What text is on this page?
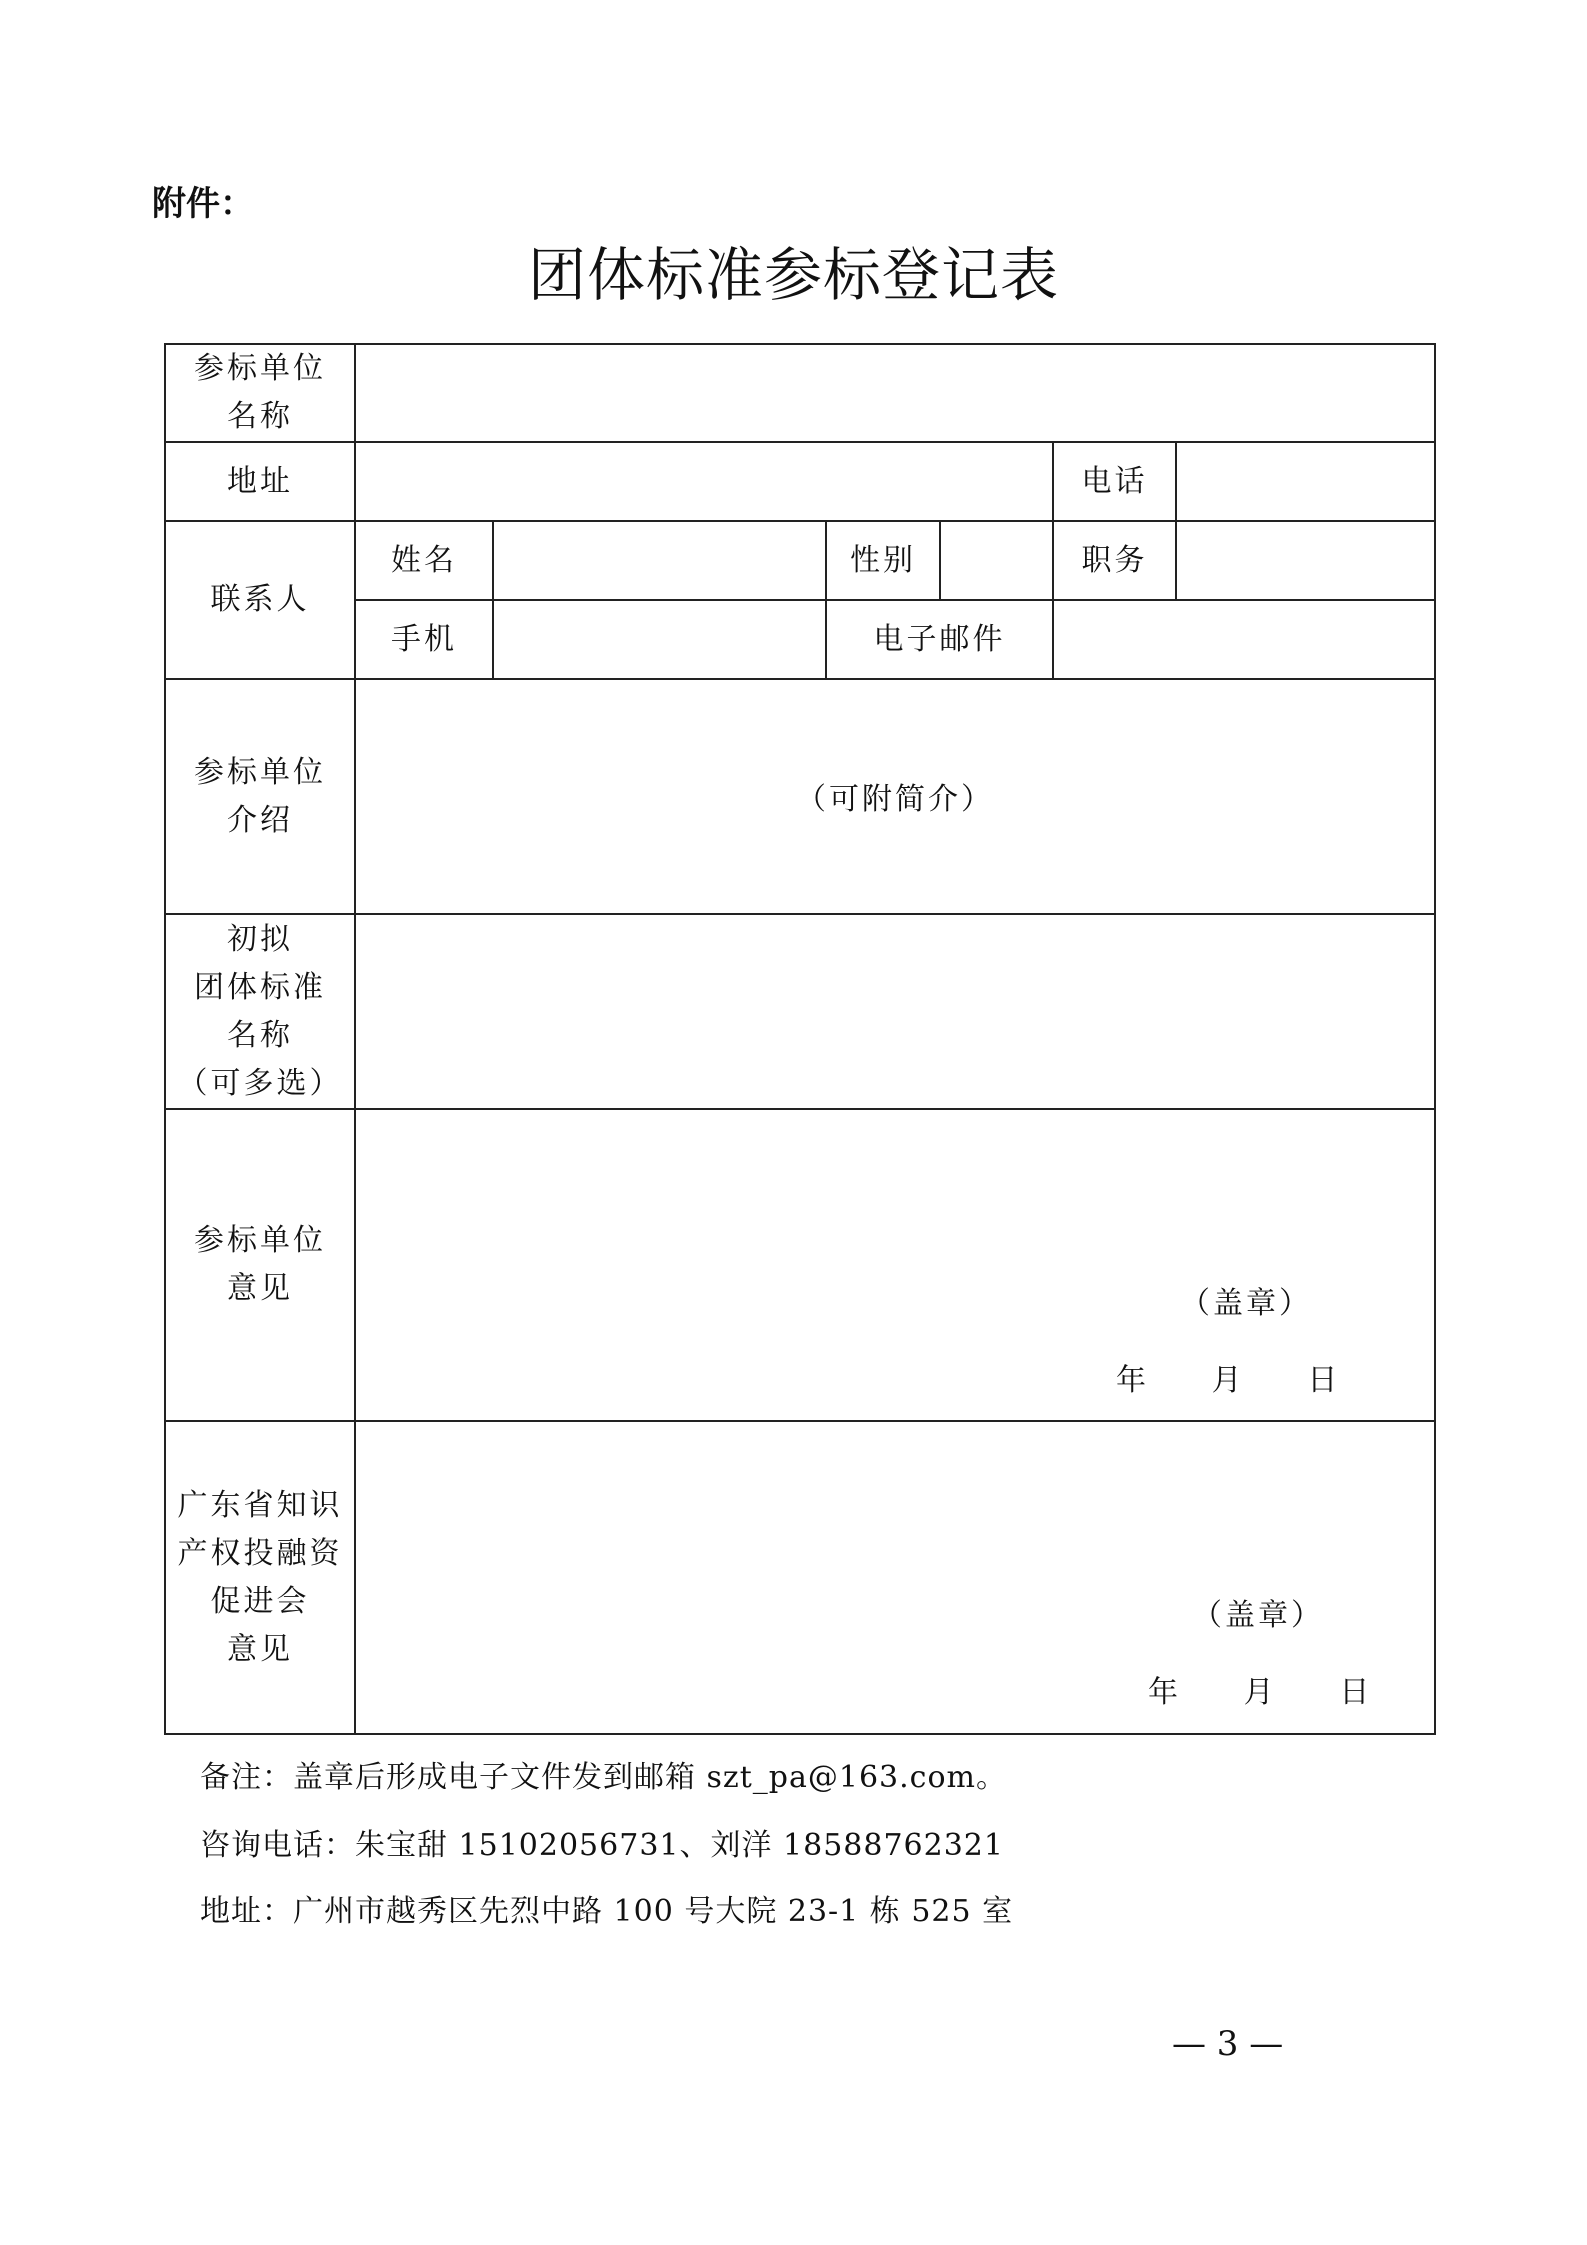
附件：
团体标准参标登记表
参标单位
名称						

地址					电话	
联系人	姓名		性别		职务	
	手机		电子邮件			

参标单位
介绍	（可附简介）					

初拟
团体标准
名称
（可多选）						

参标单位
意见	（盖章）
年     月     日					

广东省知识
产权投融资
促进会
意见	（盖章）
年     月     日					
备注：盖章后形成电子文件发到邮箱 szt_pa@163.com。
咨询电话：朱宝甜 15102056731、刘洋 18588762321
地址：广州市越秀区先烈中路 100 号大院 23-1 栋 525 室
— 3 —
